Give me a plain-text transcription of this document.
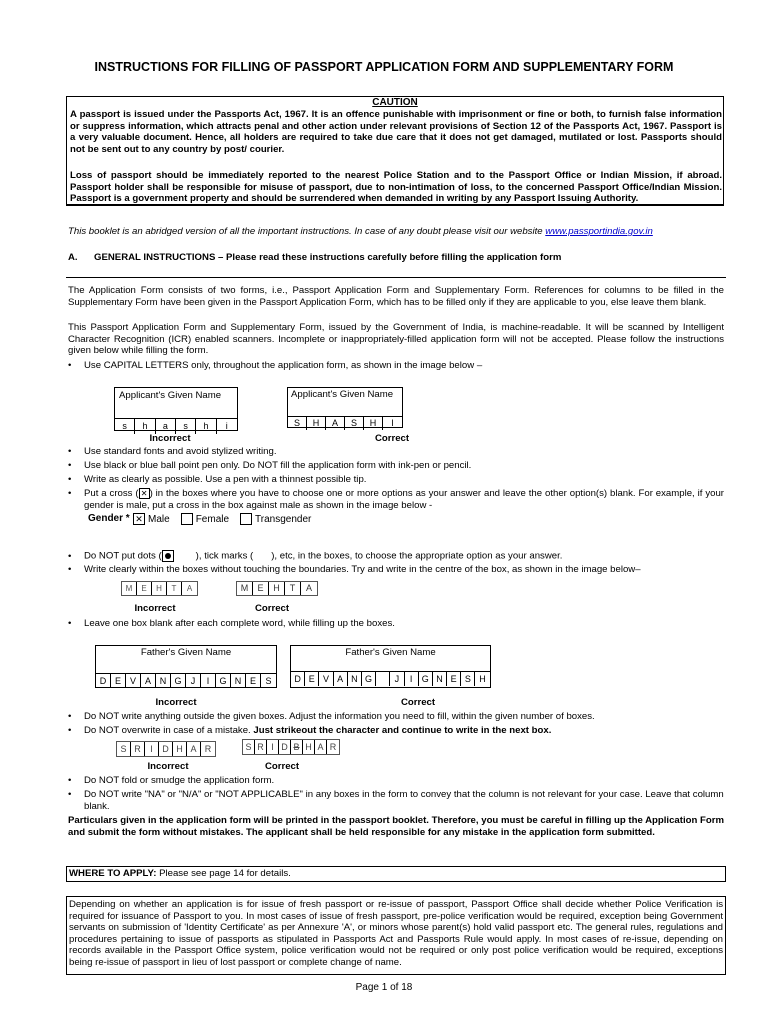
INSTRUCTIONS FOR FILLING OF PASSPORT APPLICATION FORM AND SUPPLEMENTARY FORM
CAUTION
A passport is issued under the Passports Act, 1967. It is an offence punishable with imprisonment or fine or both, to furnish false information or suppress information, which attracts penal and other action under relevant provisions of Section 12 of the Passports Act, 1967. Passport is a very valuable document. Hence, all holders are required to take due care that it does not get damaged, mutilated or lost. Passports should not be sent out to any country by post/ courier.
Loss of passport should be immediately reported to the nearest Police Station and to the Passport Office or Indian Mission, if abroad. Passport holder shall be responsible for misuse of passport, due to non-intimation of loss, to the concerned Passport Office/Indian Mission. Passport is a government property and should be surrendered when demanded in writing by any Passport Issuing Authority.
This booklet is an abridged version of all the important instructions. In case of any doubt please visit our website www.passportindia.gov.in
A. GENERAL INSTRUCTIONS – Please read these instructions carefully before filling the application form
The Application Form consists of two forms, i.e., Passport Application Form and Supplementary Form. References for columns to be filled in the Supplementary Form have been given in the Passport Application Form, which has to be filled only if they are applicable to you, else leave them blank.
This Passport Application Form and Supplementary Form, issued by the Government of India, is machine-readable. It will be scanned by Intelligent Character Recognition (ICR) enabled scanners. Incomplete or inappropriately-filled application form will not be accepted. Please follow the instructions given below while filling the form.
• Use CAPITAL LETTERS only, throughout the application form, as shown in the image below –
Applicant's Given Name
s	h	a	s	h	i
Applicant's Given Name
S	H	A	S	H	I
Incorrect	Correct
• Use standard fonts and avoid stylized writing.
• Use black or blue ball point pen only. Do NOT fill the application form with ink-pen or pencil.
• Write as clearly as possible. Use a pen with a thinnest possible tip.
•	Put a cross ( ✕ ) in the boxes where you have to choose one or more options as your answer and leave the other option(s) blank. For example, if your gender is male, put a cross in the box against male as shown in the image below -
Gender * ✕ Male	Female	Transgender
• Do NOT put dots (	), tick marks ( ), etc, in the boxes, to choose the appropriate option as your answer.
• Write clearly within the boxes without touching the boundaries. Try and write in the centre of the box, as shown in the image below–
M	E	H	T	A	M	E	H	T	A
Incorrect	Correct
• Leave one box blank after each complete word, while filling up the boxes.
Father's Given Name
D E V A N G	J	I	G N E	S
Father's Given Name
D E V A N G	J	I	G N E S H
Incorrect	Correct
• Do NOT write anything outside the given boxes. Adjust the information you need to fill, within the given number of boxes.
• Do NOT overwrite in case of a mistake. Just strikeout the character and continue to write in the next box.
S R	I	D H A R	S R I D B H A R
Incorrect	Correct
• Do NOT fold or smudge the application form.
•	Do NOT write "NA" or "N/A" or "NOT APPLICABLE" in any boxes in the form to convey that the column is not relevant for your case. Leave that column blank.
Particulars given in the application form will be printed in the passport booklet. Therefore, you must be careful in filling up the Application Form and submit the form without mistakes. The applicant shall be held responsible for any mistake in the application form submitted.
WHERE TO APPLY: Please see page 14 for details.
Depending on whether an application is for issue of fresh passport or re-issue of passport, Passport Office shall decide whether Police Verification is required for issuance of Passport to you. In most cases of issue of fresh passport, pre-police verification would be required, exception being Government servants on submission of 'Identity Certificate' as per Annexure 'A', or minors whose parent(s) hold valid passport etc. The general rules, regulations and procedures pertaining to issue of passports as stipulated in Passports Act and Passports Rule would apply. In most cases of re-issue, depending on records available in the Passport Office system, police verification would not be required or only post police verification would be required, exceptions being re-issue of passport in lieu of lost passport or complete change of name.
Page 1 of 18
